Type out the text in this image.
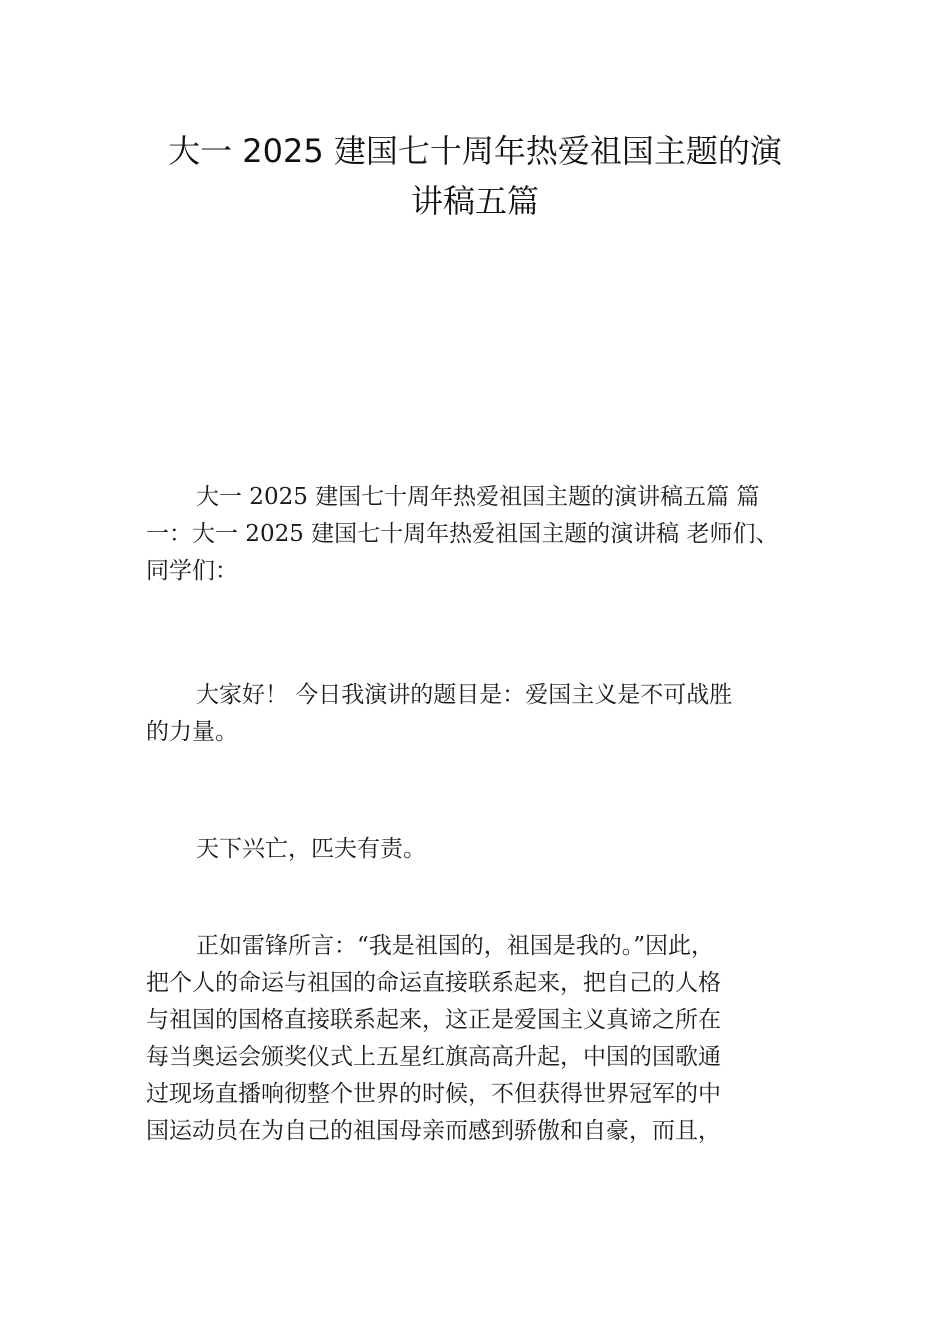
大一 2025 建国七十周年热爱祖国主题的演
讲稿五篇
大一 2025 建国七十周年热爱祖国主题的演讲稿五篇 篇
一：大一 2025 建国七十周年热爱祖国主题的演讲稿 老师们、
同学们：
大家好！ 今日我演讲的题目是：爱国主义是不可战胜
的力量。
天下兴亡，匹夫有责。
正如雷锋所言：“我是祖国的，祖国是我的。”因此，
把个人的命运与祖国的命运直接联系起来，把自己的人格
与祖国的国格直接联系起来，这正是爱国主义真谛之所在
每当奥运会颁奖仪式上五星红旗高高升起，中国的国歌通
过现场直播响彻整个世界的时候，不但获得世界冠军的中
国运动员在为自己的祖国母亲而感到骄傲和自豪，而且，
